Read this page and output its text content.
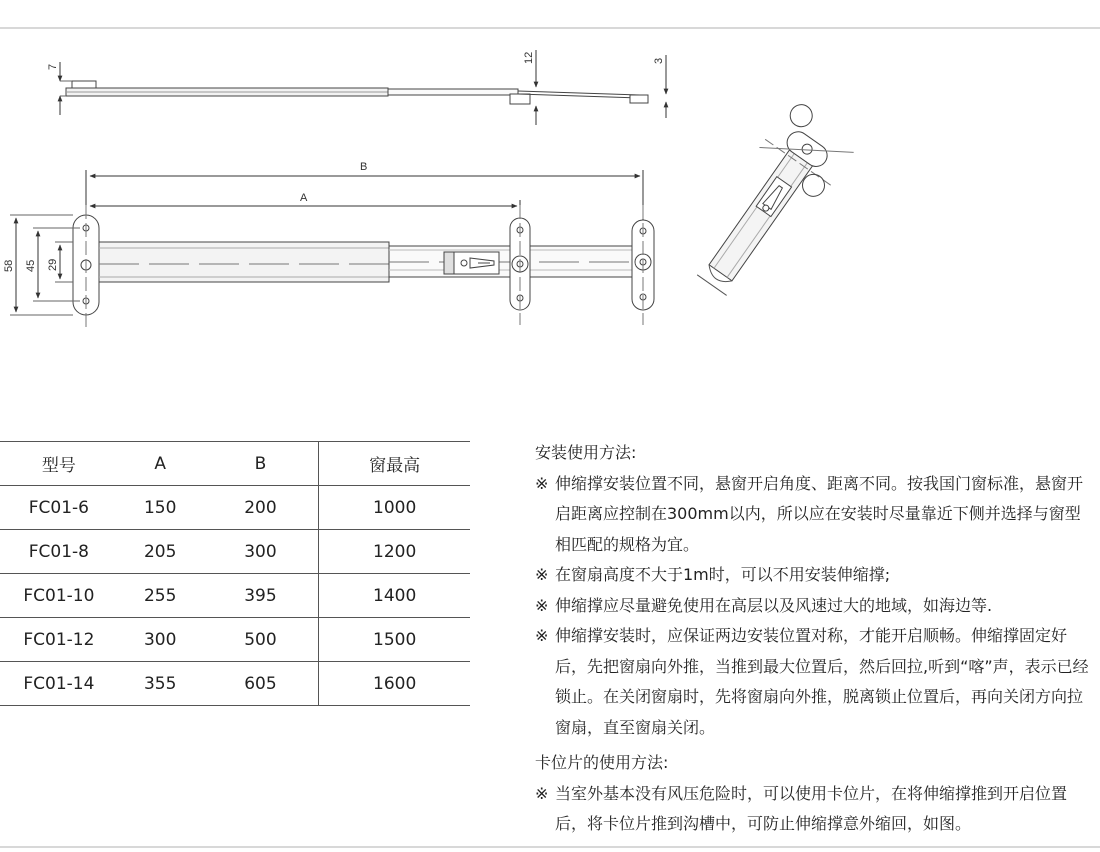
7
12	3
B
A
58 45 29
型号	A	B	窗最高
FC01-6	150	200	1000
FC01-8	205	300	1200
FC01-10	255	395	1400
FC01-12	300	500	1500
FC01-14	355	605	1600
安装使用方法:

※ 伸缩撑安装位置不同，悬窗开启角度、距离不同。按我国门窗标准，悬窗开启距离应控制在300mm以内，所以应在安装时尽量靠近下侧并选择与窗型相匹配的规格为宜。

※ 在窗扇高度不大于1m时，可以不用安装伸缩撑;

※ 伸缩撑应尽量避免使用在高层以及风速过大的地域，如海边等.

※ 伸缩撑安装时，应保证两边安装位置对称，才能开启顺畅。伸缩撑固定好后，先把窗扇向外推，当推到最大位置后，然后回拉,听到“喀”声，表示已经锁止。在关闭窗扇时，先将窗扇向外推，脱离锁止位置后，再向关闭方向拉窗扇，直至窗扇关闭。

卡位片的使用方法:

※ 当室外基本没有风压危险时，可以使用卡位片，在将伸缩撑推到开启位置后，将卡位片推到沟槽中，可防止伸缩撑意外缩回，如图。
